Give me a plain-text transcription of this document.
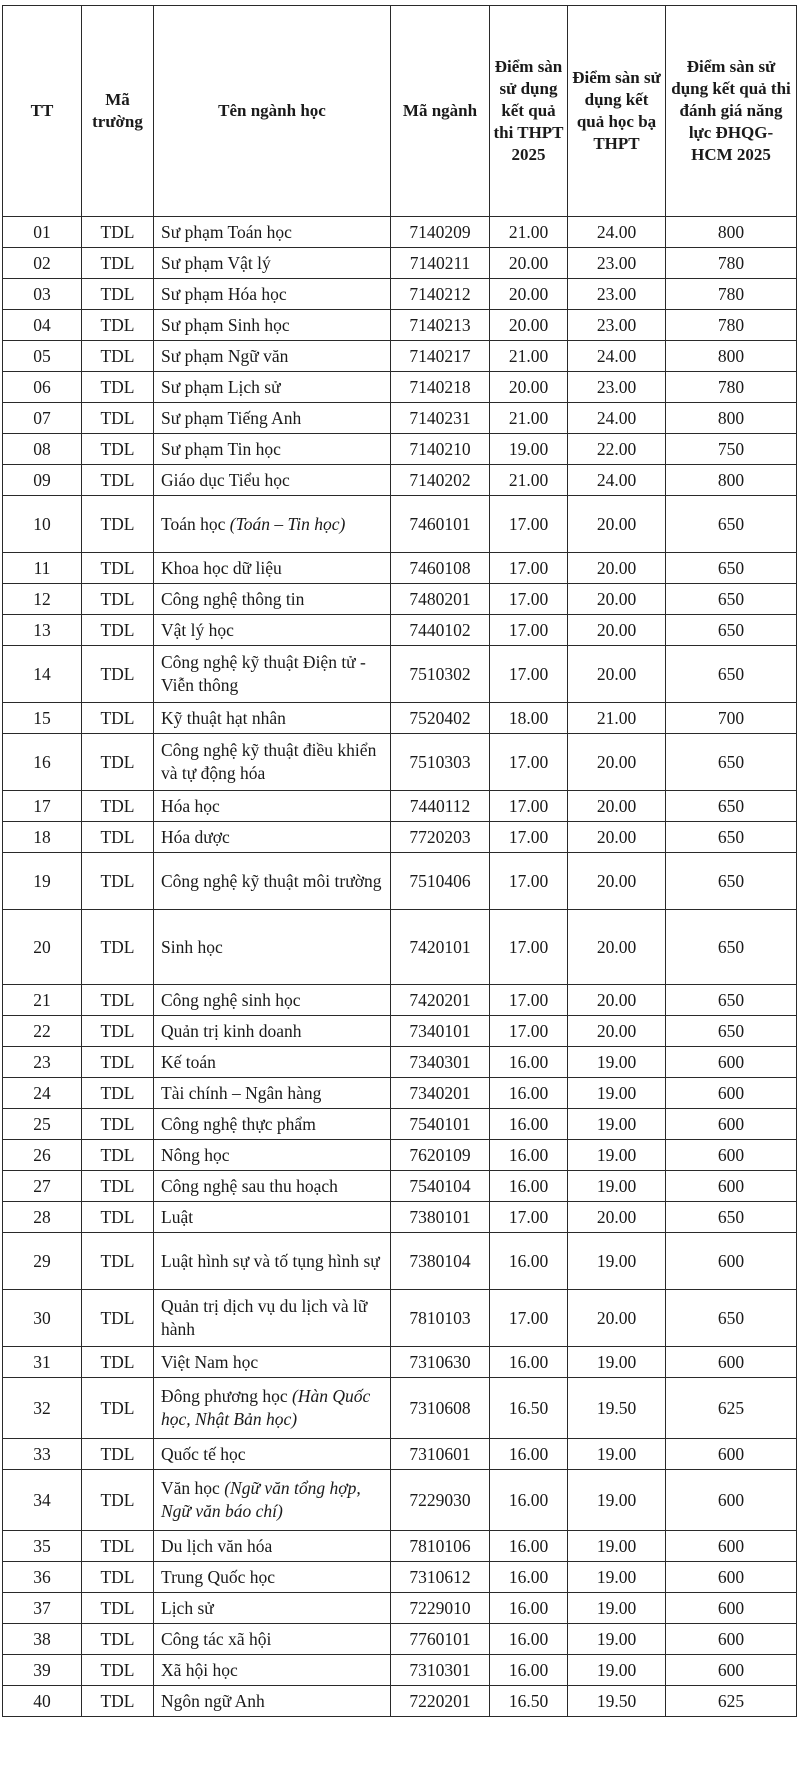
TT	Mã trường	Tên ngành học	Mã ngành	Điểm sàn sử dụng kết quả thi THPT 2025	Điểm sàn sử dụng kết quả học bạ THPT	Điểm sàn sử dụng kết quả thi đánh giá năng lực ĐHQG-HCM 2025
01	TDL	Sư phạm Toán học	7140209	21.00	24.00	800
02	TDL	Sư phạm Vật lý	7140211	20.00	23.00	780
03	TDL	Sư phạm Hóa học	7140212	20.00	23.00	780
04	TDL	Sư phạm Sinh học	7140213	20.00	23.00	780
05	TDL	Sư phạm Ngữ văn	7140217	21.00	24.00	800
06	TDL	Sư phạm Lịch sử	7140218	20.00	23.00	780
07	TDL	Sư phạm Tiếng Anh	7140231	21.00	24.00	800
08	TDL	Sư phạm Tin học	7140210	19.00	22.00	750
09	TDL	Giáo dục Tiểu học	7140202	21.00	24.00	800
10	TDL	Toán học (Toán – Tin học)	7460101	17.00	20.00	650
11	TDL	Khoa học dữ liệu	7460108	17.00	20.00	650
12	TDL	Công nghệ thông tin	7480201	17.00	20.00	650
13	TDL	Vật lý học	7440102	17.00	20.00	650
14	TDL	Công nghệ kỹ thuật Điện tử - Viễn thông	7510302	17.00	20.00	650
15	TDL	Kỹ thuật hạt nhân	7520402	18.00	21.00	700
16	TDL	Công nghệ kỹ thuật điều khiển và tự động hóa	7510303	17.00	20.00	650
17	TDL	Hóa học	7440112	17.00	20.00	650
18	TDL	Hóa dược	7720203	17.00	20.00	650
19	TDL	Công nghệ kỹ thuật môi trường	7510406	17.00	20.00	650
20	TDL	Sinh học	7420101	17.00	20.00	650
21	TDL	Công nghệ sinh học	7420201	17.00	20.00	650
22	TDL	Quản trị kinh doanh	7340101	17.00	20.00	650
23	TDL	Kế toán	7340301	16.00	19.00	600
24	TDL	Tài chính – Ngân hàng	7340201	16.00	19.00	600
25	TDL	Công nghệ thực phẩm	7540101	16.00	19.00	600
26	TDL	Nông học	7620109	16.00	19.00	600
27	TDL	Công nghệ sau thu hoạch	7540104	16.00	19.00	600
28	TDL	Luật	7380101	17.00	20.00	650
29	TDL	Luật hình sự và tố tụng hình sự	7380104	16.00	19.00	600
30	TDL	Quản trị dịch vụ du lịch và lữ hành	7810103	17.00	20.00	650
31	TDL	Việt Nam học	7310630	16.00	19.00	600
32	TDL	Đông phương học (Hàn Quốc học, Nhật Bản học)	7310608	16.50	19.50	625
33	TDL	Quốc tế học	7310601	16.00	19.00	600
34	TDL	Văn học (Ngữ văn tổng hợp, Ngữ văn báo chí)	7229030	16.00	19.00	600
35	TDL	Du lịch văn hóa	7810106	16.00	19.00	600
36	TDL	Trung Quốc học	7310612	16.00	19.00	600
37	TDL	Lịch sử	7229010	16.00	19.00	600
38	TDL	Công tác xã hội	7760101	16.00	19.00	600
39	TDL	Xã hội học	7310301	16.00	19.00	600
40	TDL	Ngôn ngữ Anh	7220201	16.50	19.50	625
